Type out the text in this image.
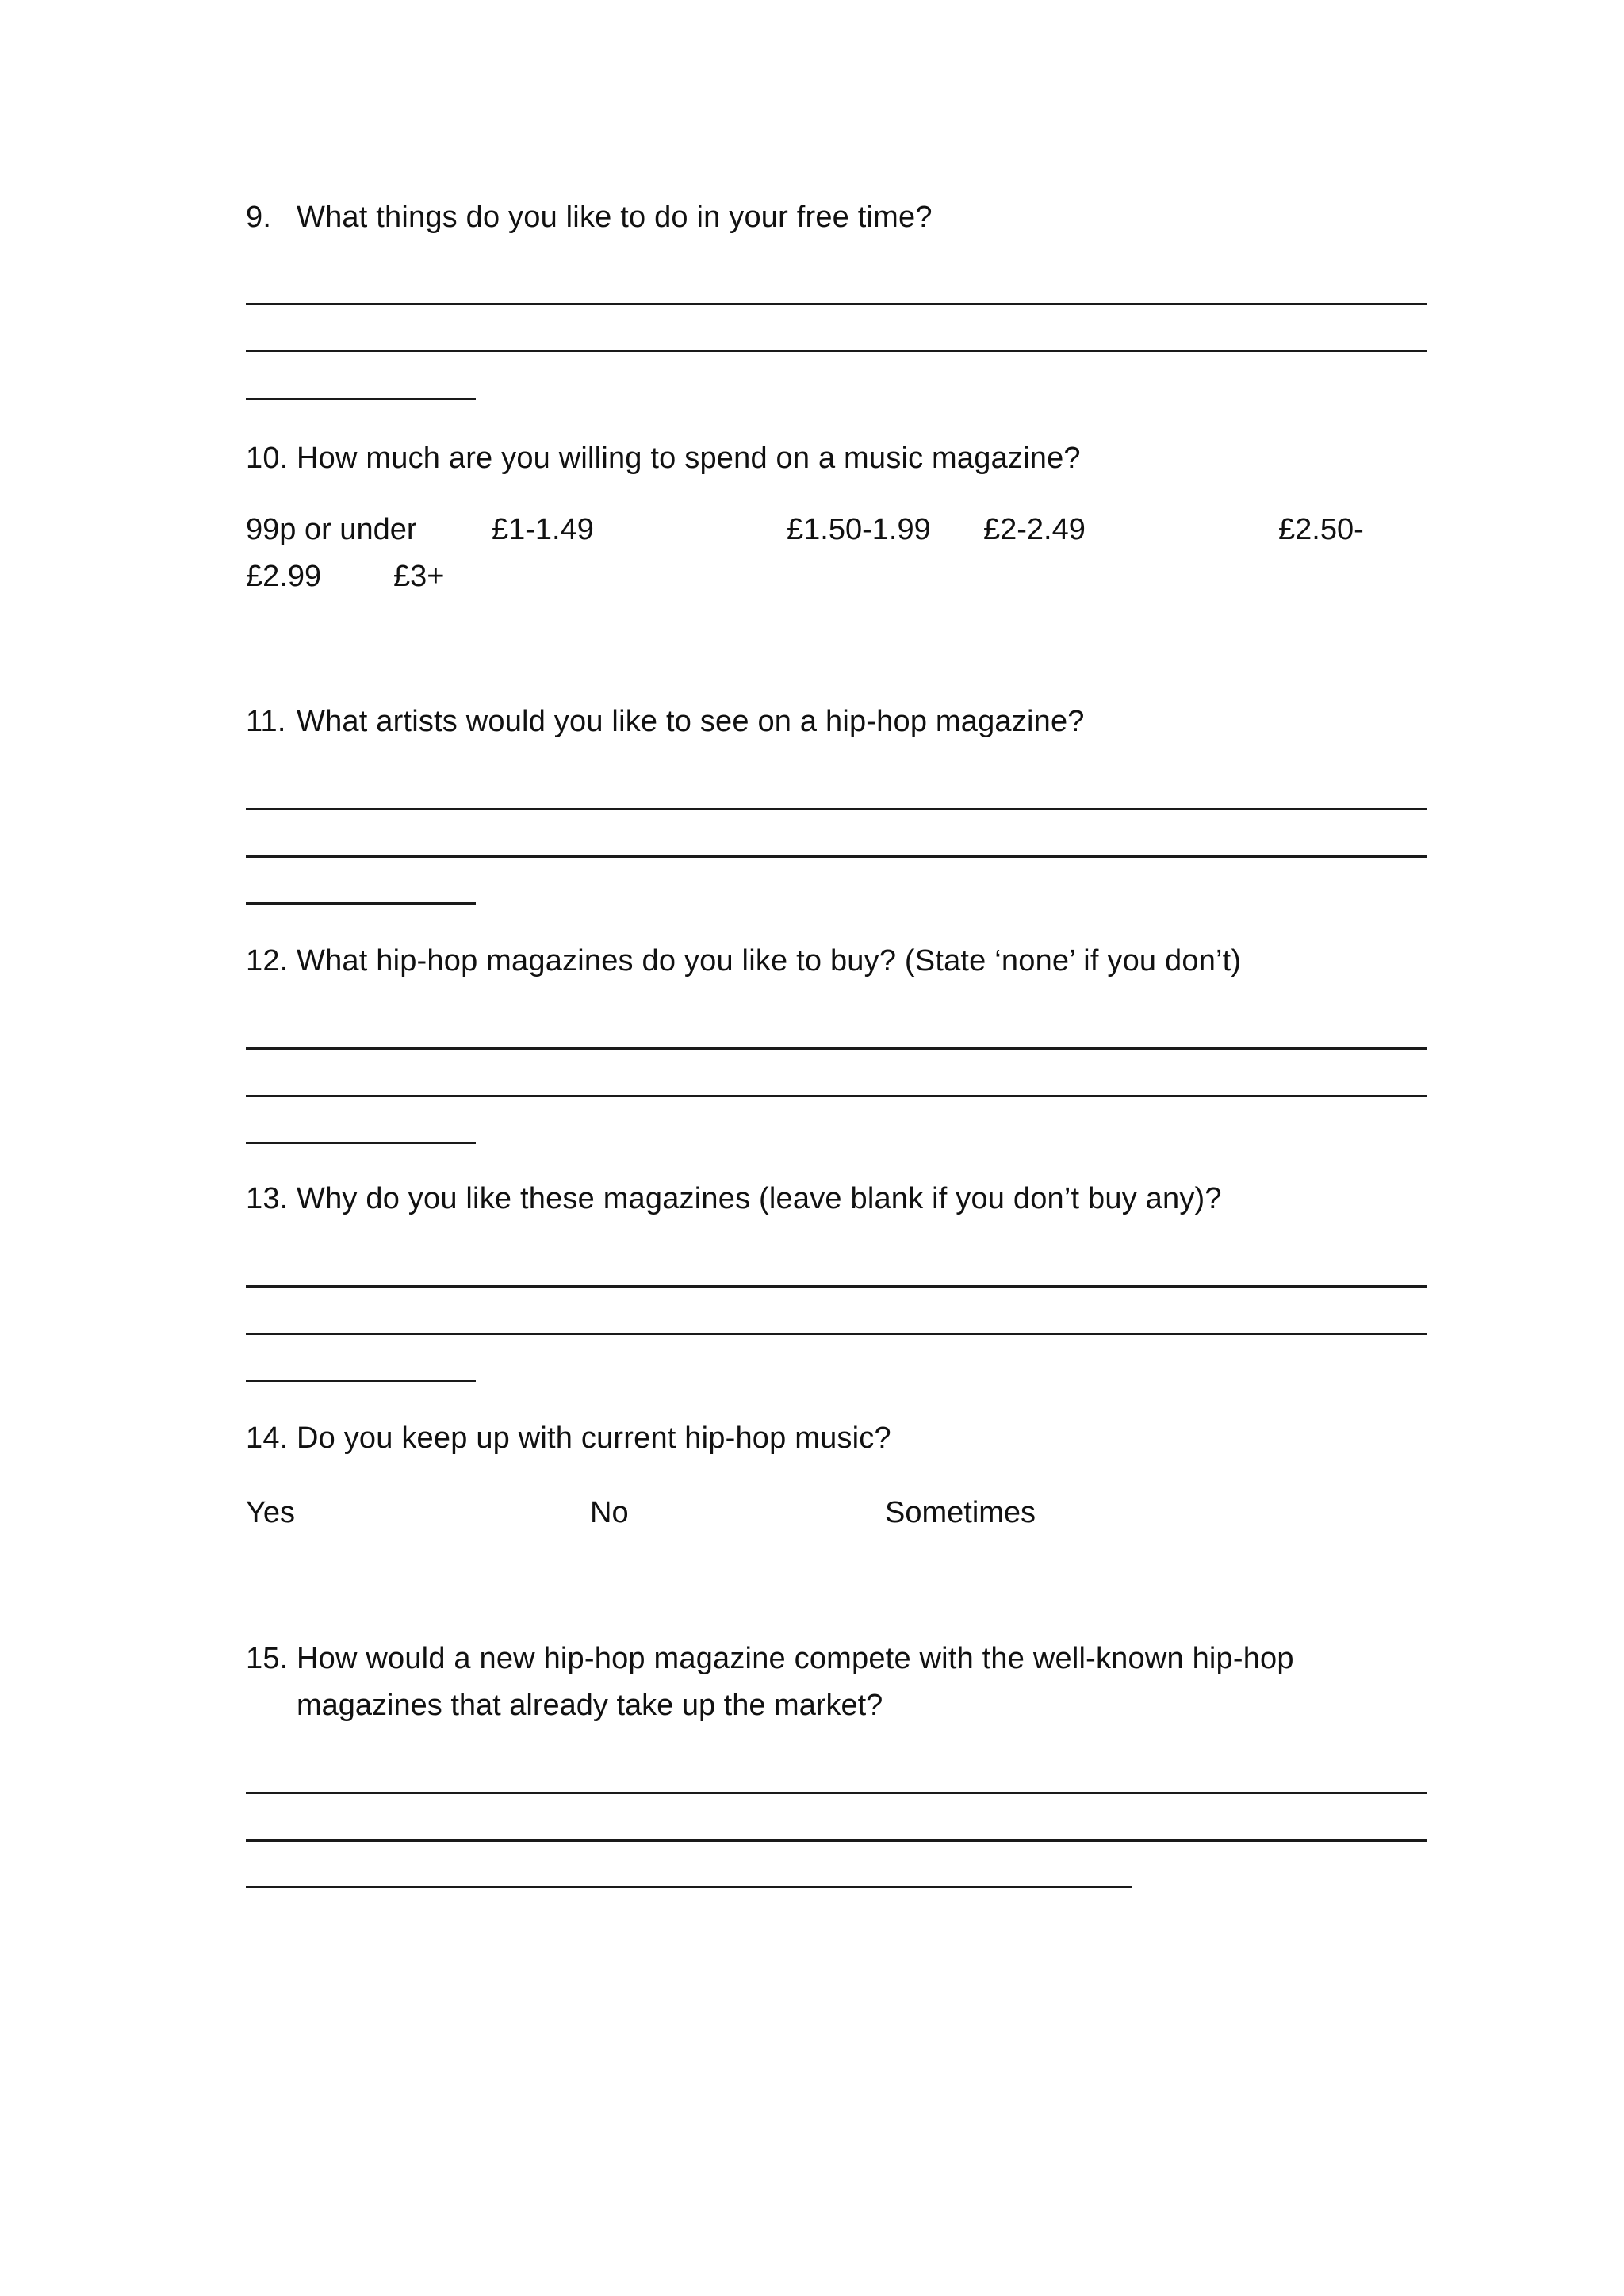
9. What things do you like to do in your free time?
10. How much are you willing to spend on a music magazine?
99p or under £1-1.49	£1.50-1.99 £2-2.49	£2.50-
£2.99 £3+
11. What artists would you like to see on a hip-hop magazine?
12. What hip-hop magazines do you like to buy? (State ‘none’ if you don’t)
13. Why do you like these magazines (leave blank if you don’t buy any)?
14. Do you keep up with current hip-hop music?
Yes	No	Sometimes
15. How would a new hip-hop magazine compete with the well-known hip-hop
magazines that already take up the market?
